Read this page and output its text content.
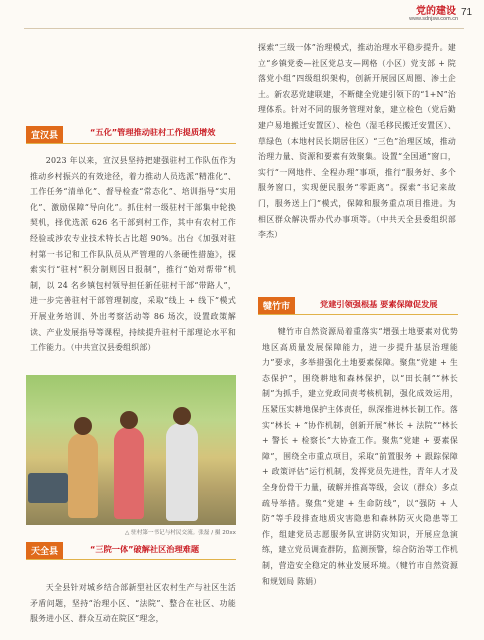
党的建设
www.sdnjsw.com.cn
71
宣汉县	“五化”管理推动驻村工作提质增效

2023 年以来，宣汉县坚持把建强驻村工作队伍作为推动乡村振兴的有效途径，着力推动人员选派“精准化”、工作任务“清单化”、督导检查“常态化”、培训指导“实用化”、激励保障“导向化”。抓住村一级驻村干部集中轮换契机，择优选派 626 名干部到村工作，其中有农村工作经验或涉农专业技术特长占比超 90%。出台《加强对驻村第一书记和工作队队员从严管理的八条硬性措施》，探索实行“驻村”积分制则因日报制”，推行“始对帮带”机制，以 24 名乡镇包村领导担任新任驻村干部“带路人”，进一步完善驻村干部管理制度，采取“线上 + 线下”模式开展业务培训、外出考察活动等 86 场次，设置政策解读、产业发展指导等课程，持续提升驻村干部理论水平和工作能力。（中共宣汉县委组织部）

△ 驻村第一书记与村民交流。张磊 / 摄 20xx
天全县	“三院一体”破解社区治理难题

天全县针对城乡结合部新型社区农村生产与社区生活矛盾问题，坚持“治理小区、“法院”、整合在社区、功能服务进小区、群众互动在院区”理念，

探索“三级一体”治理模式，推动治理水平稳步提升。建立“乡镇党委—社区党总支—网格（小区）党支部 + 院落党小组”四级组织架构，创新开展园区周圈、渗土企土。新农恶党建联建，不断健全党建引领下的“1+N”治理体系。针对不同的服务管理对象，建立检色（党后勤建户易地搬迁安置区）、检色（湿毛移民搬迁安置区）、草绿色（本地村民长期居住区）“三色”治理区域，推动治理力量、资源和要素有效聚集。设置“全国通”窗口，实行“一网地件、全程办理”事项，推行“服务好、多个服务窗口，实现便民服务“零距离”。探索“书记来故门，服务送上门”模式，保障和服务重点项目推进。为相区群众解决帮办代办事项等。（中共天全县委组织部 李杰）

犍竹市	党建引领强根基 要素保障促发展

犍竹市自然资源局着重落实“增强土地要素对优势地区高质量发展保障能力，进一步提升基层治理能力”要求，多举措强化土地要素保障。聚焦“党建 + 生态保护”，围绕耕地和森林保护，以“田长制”“林长制”为抓手，建立党政同责考核机制，强化成效运用，压紧压实耕地保护主体责任，纵深推进林长制工作。落实“林长 + ”协作机制，创新开展“林长 + 法院”“林长 + 警长 + 检察长”大协查工作。聚焦“党建 + 要素保障”，围绕全市重点项目，采取“前置服务 + 跟踪保障 + 政策评估”运行机制，发挥党员先进性，青年人才及全身份骨干力量，破解并推高等级，会议（群众）多点疏导举措。聚焦“党建 + 生命防线”，以“强防 + 人防”等手段排查地质灾害隐患和森林防灭火隐患等工作，组建党员志愿服务队宣讲防灾知识，开展应急演练，建立党员调查群防，监测预警，综合防治等工作机制，营造安全稳定的林业发展环境。（犍竹市自然资源和规划局 陈娟）
